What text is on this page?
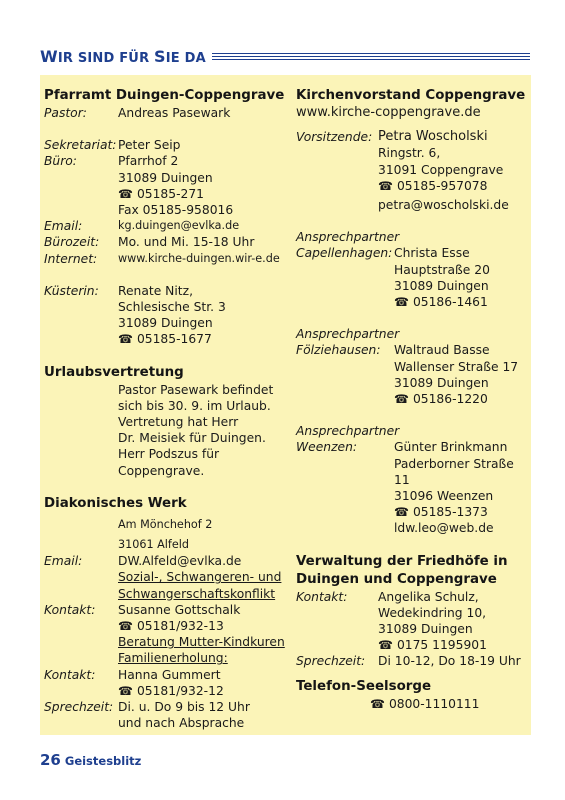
WIR SIND FÜR SIE DA
Pfarramt Duingen-Coppengrave
Pastor:	Andreas Pasewark
Sekretariat: Peter Seip
Büro:	Pfarrhof 2
31089 Duingen
☎ 05185-271
Fax 05185-958016
Email:	kg.duingen@evlka.de
Bürozeit:	Mo. und Mi. 15-18 Uhr
Internet:	www.kirche-duingen.wir-e.de
Küsterin:	Renate Nitz,
Schlesische Str. 3
31089 Duingen
☎ 05185-1677
Urlaubsvertretung
Pastor Pasewark befindet
sich bis 30. 9. im Urlaub.
Vertretung hat Herr
Dr. Meisiek für Duingen.
Herr Podszus für
Coppengrave.
Diakonisches Werk
Am Mönchehof 2
31061 Alfeld
Email:	DW.Alfeld@evlka.de
Sozial-, Schwangeren- und
Schwangerschaftskonflikt
Kontakt:	Susanne Gottschalk
☎ 05181/932-13
Beratung Mutter-Kindkuren
Familienerholung:
Kontakt:	Hanna Gummert
☎ 05181/932-12
Sprechzeit: Di. u. Do 9 bis 12 Uhr
und nach Absprache
Kirchenvorstand Coppengrave
www.kirche-coppengrave.de
Vorsitzende: Petra Woscholski
Ringstr. 6,
31091 Coppengrave
☎ 05185-957078
petra@woscholski.de
Ansprechpartner
Capellenhagen: Christa Esse
Hauptstraße 20
31089 Duingen
☎ 05186-1461
Ansprechpartner
Fölziehausen:	Waltraud Basse
Wallenser Straße 17
31089 Duingen
☎ 05186-1220
Ansprechpartner
Weenzen:	Günter Brinkmann
Paderborner Straße 11
31096 Weenzen
☎ 05185-1373
ldw.leo@web.de
Verwaltung der Friedhöfe in
Duingen und Coppengrave
Kontakt:	Angelika Schulz,
Wedekindring 10,
31089 Duingen
☎ 0175 1195901
Sprechzeit:	Di 10-12, Do 18-19 Uhr
Telefon-Seelsorge
☎ 0800-1110111
26 Geistesblitz
